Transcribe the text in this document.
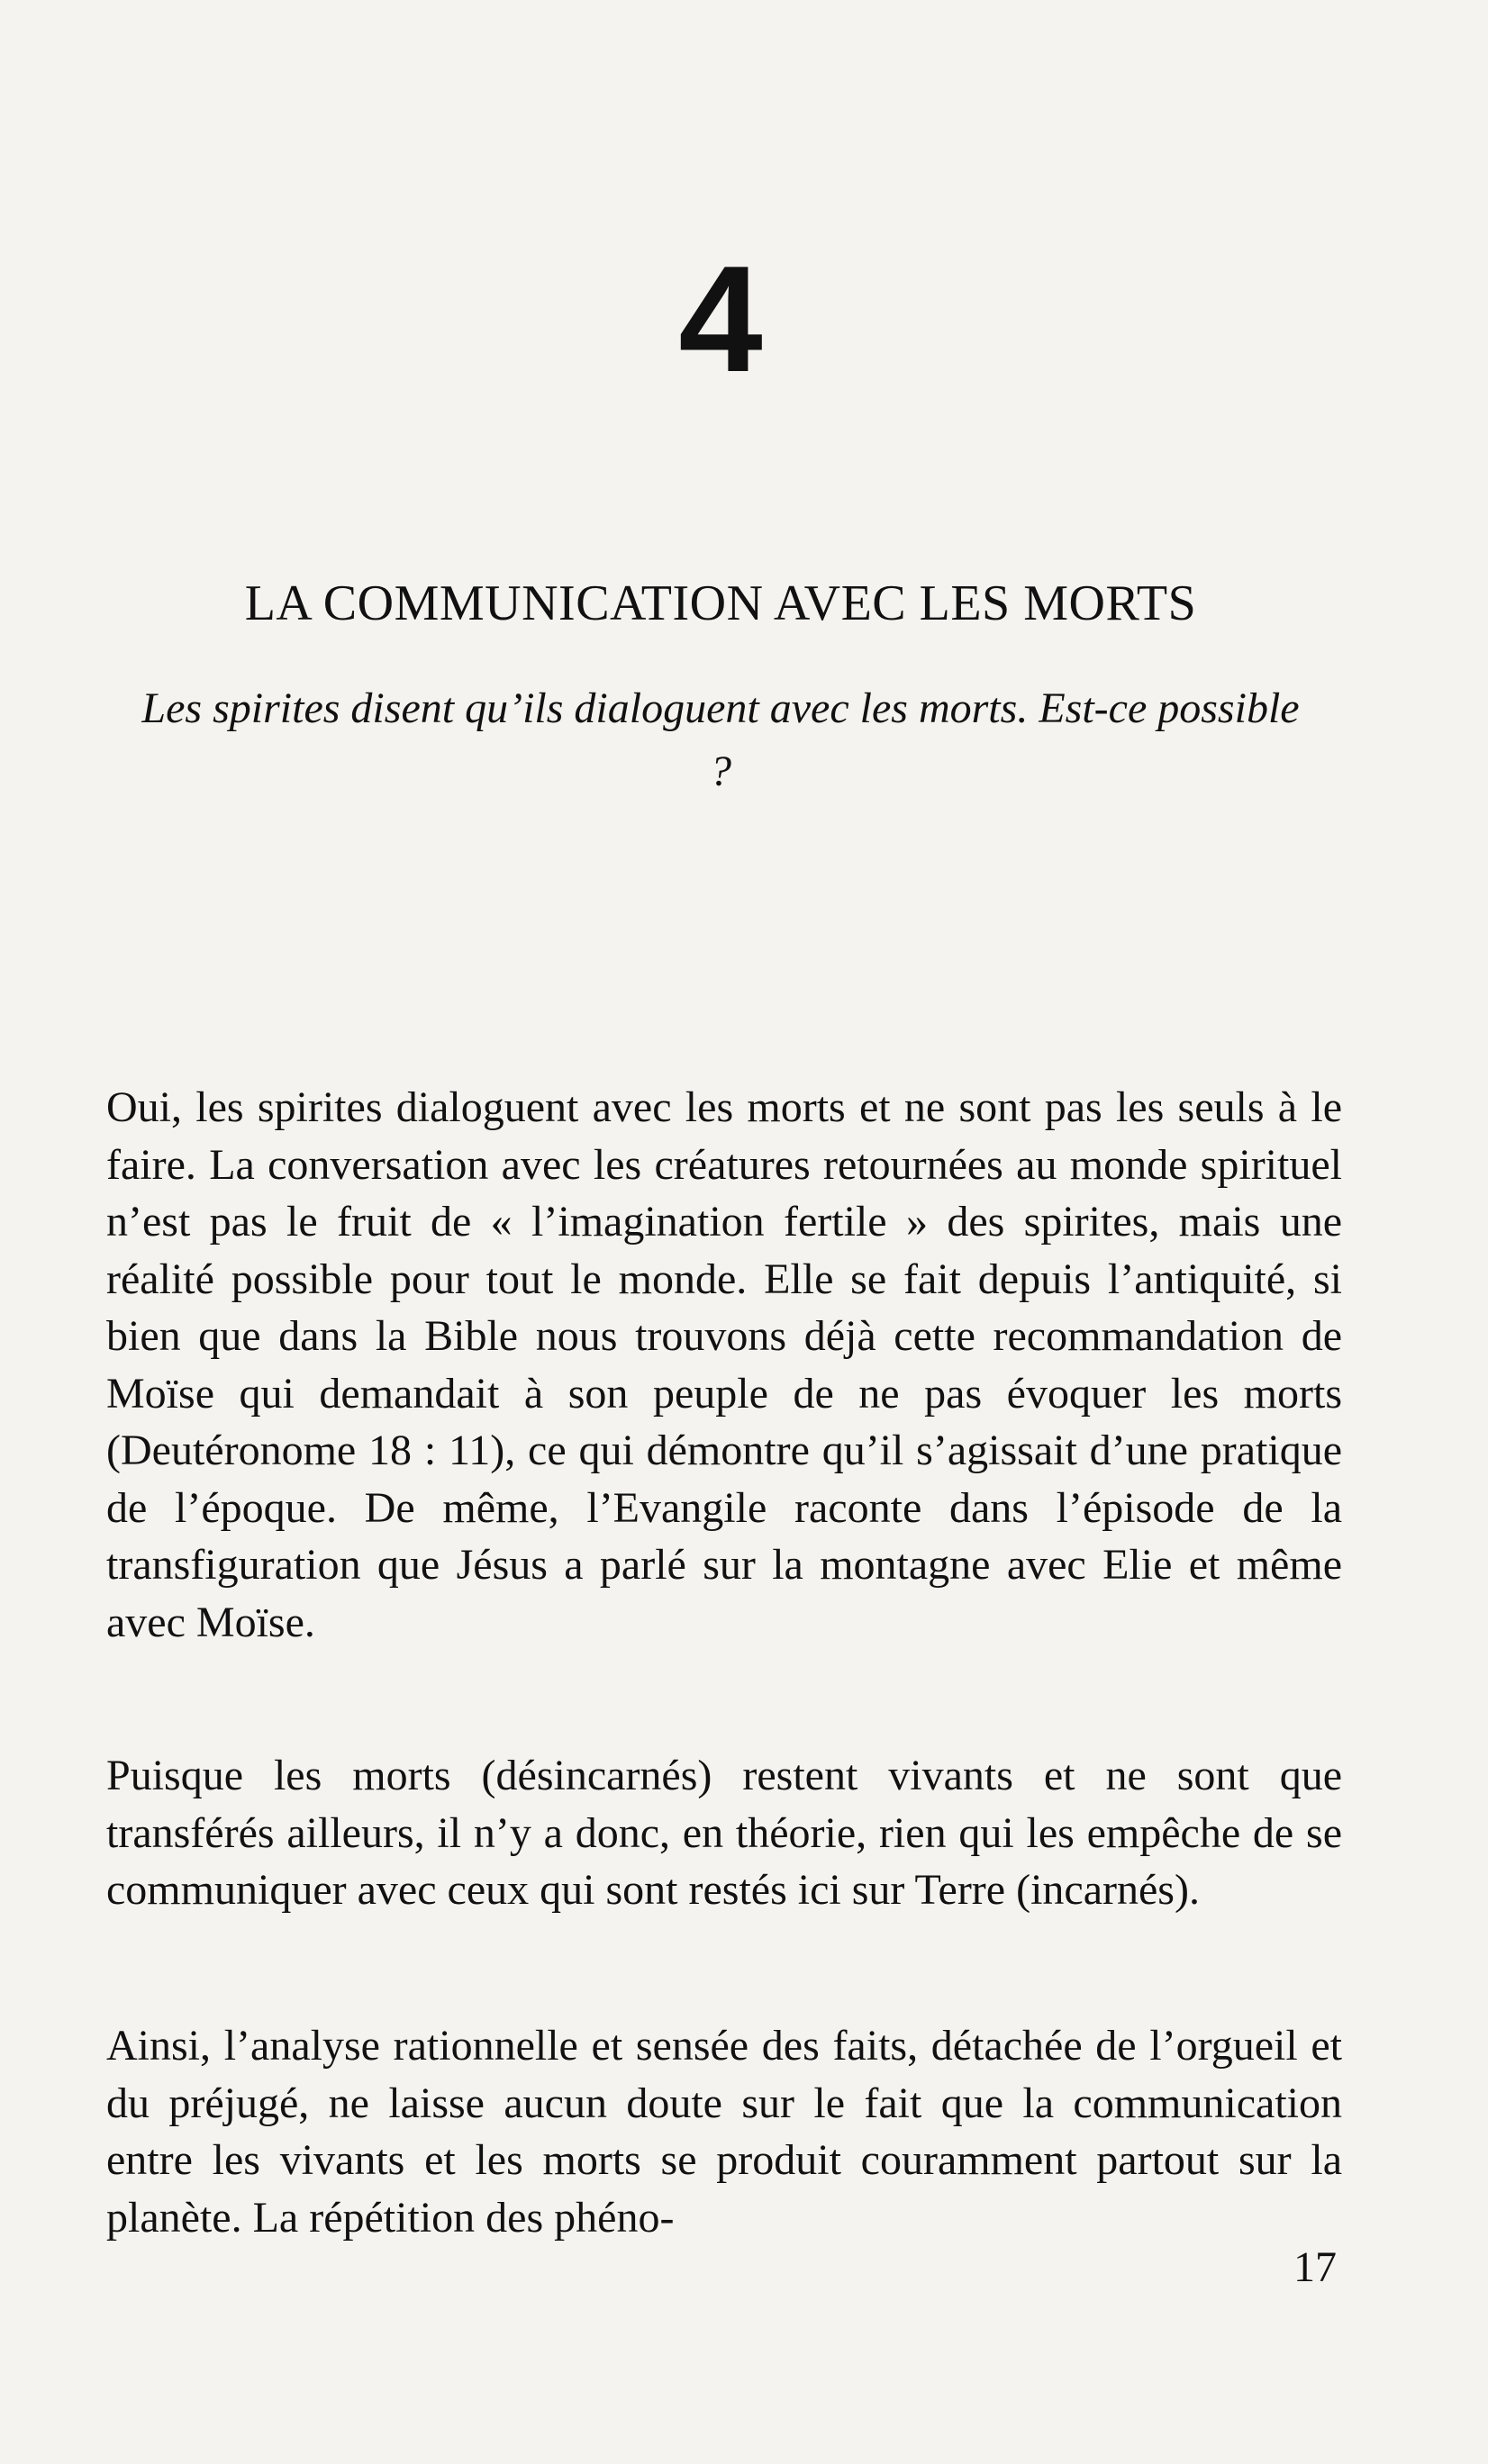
4
LA COMMUNICATION AVEC LES MORTS
Les spirites disent qu’ils dialoguent avec les morts. Est-ce possible ?

Oui, les spirites dialoguent avec les morts et ne sont pas les seuls à le faire. La conversation avec les créatures retournées au monde spirituel n’est pas le fruit de « l’imagination fertile » des spirites, mais une réalité possible pour tout le monde. Elle se fait depuis l’antiquité, si bien que dans la Bible nous trouvons déjà cette recommandation de Moïse qui demandait à son peuple de ne pas évoquer les morts (Deutéronome 18 : 11), ce qui démontre qu’il s’agissait d’une pratique de l’époque. De même, l’Evangile raconte dans l’épisode de la transfiguration que Jésus a parlé sur la montagne avec Elie et même avec Moïse.

Puisque les morts (désincarnés) restent vivants et ne sont que transférés ailleurs, il n’y a donc, en théorie, rien qui les empêche de se communiquer avec ceux qui sont restés ici sur Terre (incarnés).

Ainsi, l’analyse rationnelle et sensée des faits, détachée de l’orgueil et du préjugé, ne laisse aucun doute sur le fait que la communication entre les vivants et les morts se produit couramment partout sur la planète. La répétition des phéno-

17
